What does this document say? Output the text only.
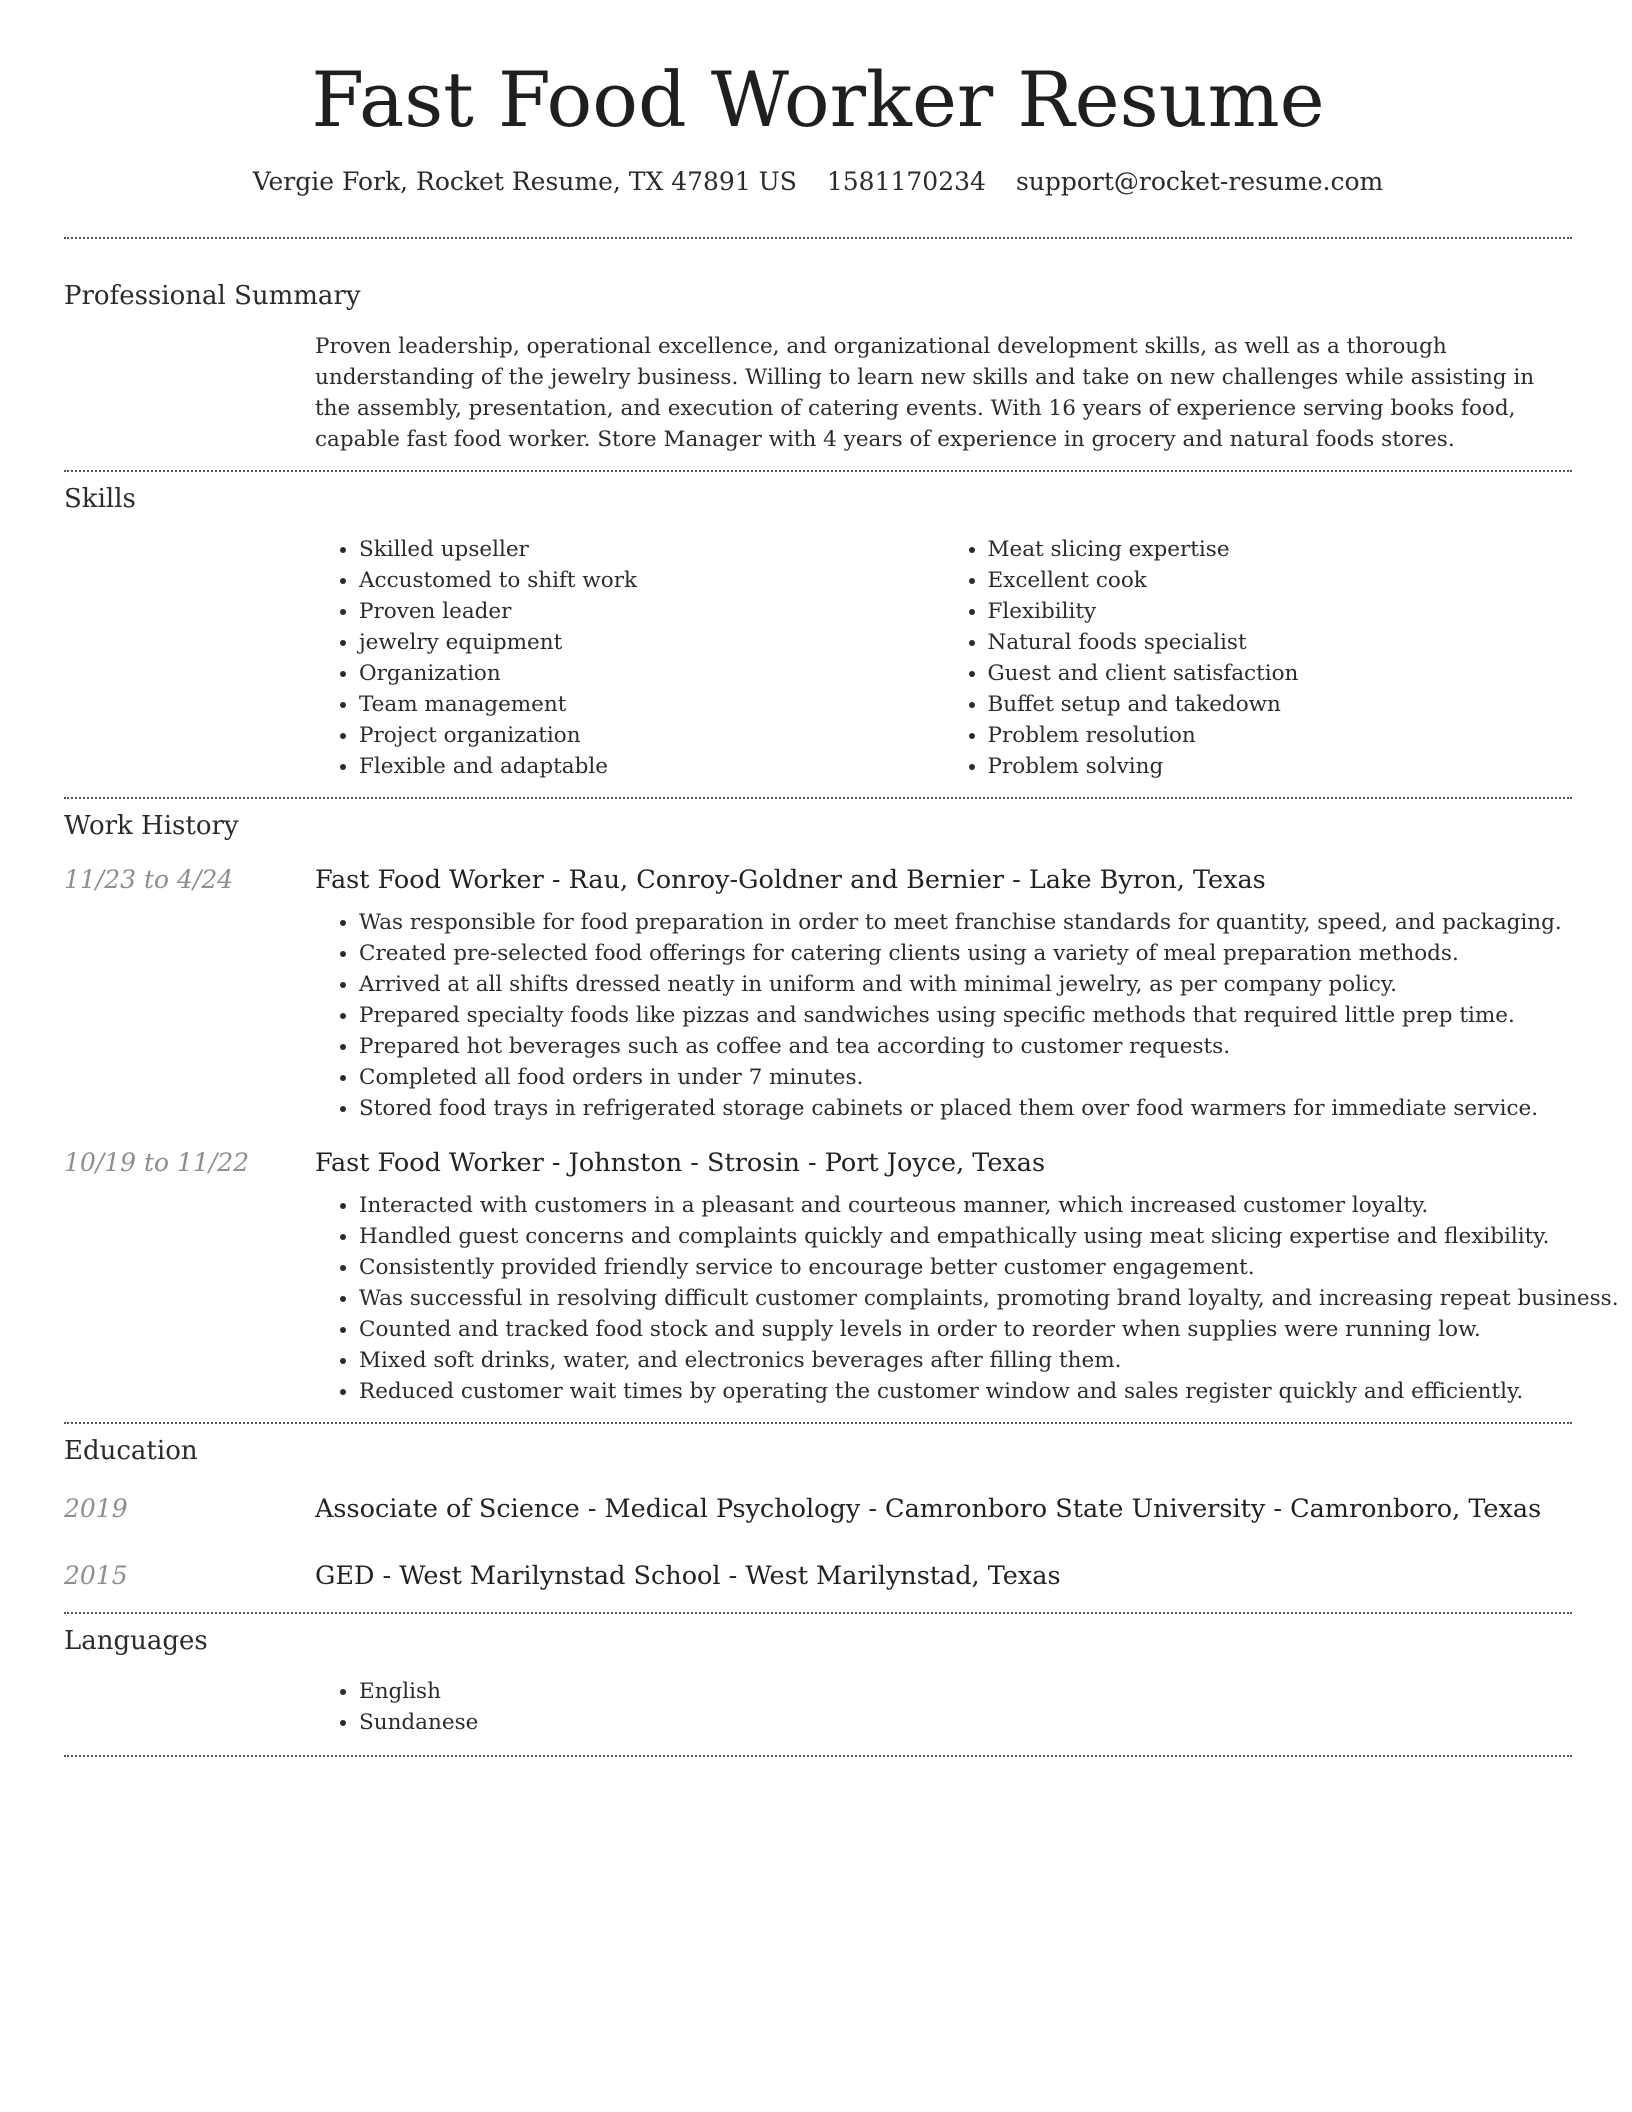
Fast Food Worker Resume
Vergie Fork, Rocket Resume, TX 47891 US 1581170234 support@rocket-resume.com
Professional Summary

Proven leadership, operational excellence, and organizational development skills, as well as a thorough understanding of the jewelry business. Willing to learn new skills and take on new challenges while assisting in the assembly, presentation, and execution of catering events. With 16 years of experience serving books food, capable fast food worker. Store Manager with 4 years of experience in grocery and natural foods stores.

Skills
• Skilled upseller
• Accustomed to shift work
• Proven leader
• jewelry equipment
• Organization
• Team management
• Project organization
• Flexible and adaptable
• Meat slicing expertise
• Excellent cook
• Flexibility
• Natural foods specialist
• Guest and client satisfaction
• Buffet setup and takedown
• Problem resolution
• Problem solving
Work History
11/23 to 4/24	Fast Food Worker - Rau, Conroy-Goldner and Bernier - Lake Byron, Texas
• Was responsible for food preparation in order to meet franchise standards for quantity, speed, and packaging.
• Created pre-selected food offerings for catering clients using a variety of meal preparation methods.
• Arrived at all shifts dressed neatly in uniform and with minimal jewelry, as per company policy.
• Prepared specialty foods like pizzas and sandwiches using specific methods that required little prep time.
• Prepared hot beverages such as coffee and tea according to customer requests.
• Completed all food orders in under 7 minutes.
• Stored food trays in refrigerated storage cabinets or placed them over food warmers for immediate service.
10/19 to 11/22	Fast Food Worker - Johnston - Strosin - Port Joyce, Texas
• Interacted with customers in a pleasant and courteous manner, which increased customer loyalty.
• Handled guest concerns and complaints quickly and empathically using meat slicing expertise and flexibility.
• Consistently provided friendly service to encourage better customer engagement.
• Was successful in resolving difficult customer complaints, promoting brand loyalty, and increasing repeat business.
• Counted and tracked food stock and supply levels in order to reorder when supplies were running low.
• Mixed soft drinks, water, and electronics beverages after filling them.
• Reduced customer wait times by operating the customer window and sales register quickly and efficiently.
Education
2019	Associate of Science - Medical Psychology - Camronboro State University - Camronboro, Texas
2015	GED - West Marilynstad School - West Marilynstad, Texas
Languages
• English
• Sundanese
